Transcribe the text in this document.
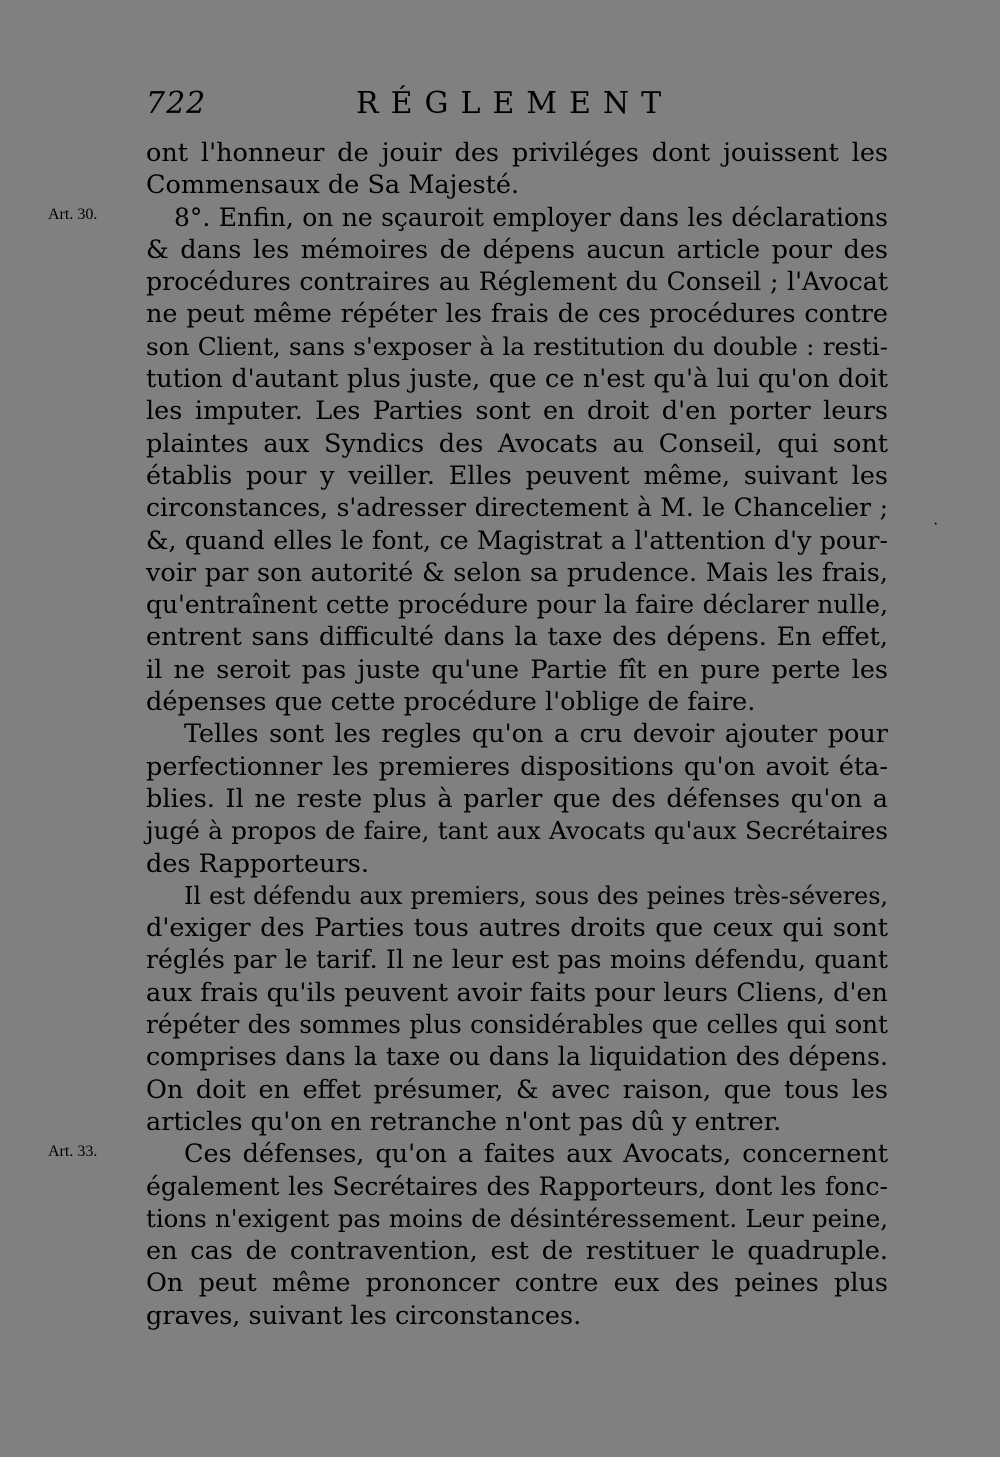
722	RÉGLEMENT
Art. 30.
Art. 33.
·
ont l'honneur de jouir des priviléges dont jouissent les
Commensaux de Sa Majesté.
8°. Enfin, on ne sçauroit employer dans les déclarations
& dans les mémoires de dépens aucun article pour des
procédures contraires au Réglement du Conseil ; l'Avocat
ne peut même répéter les frais de ces procédures contre
son Client, sans s'exposer à la restitution du double : resti-
tution d'autant plus juste, que ce n'est qu'à lui qu'on doit
les imputer. Les Parties sont en droit d'en porter leurs
plaintes aux Syndics des Avocats au Conseil, qui sont
établis pour y veiller. Elles peuvent même, suivant les
circonstances, s'adresser directement à M. le Chancelier ;
&, quand elles le font, ce Magistrat a l'attention d'y pour-
voir par son autorité & selon sa prudence. Mais les frais,
qu'entraînent cette procédure pour la faire déclarer nulle,
entrent sans difficulté dans la taxe des dépens. En effet,
il ne seroit pas juste qu'une Partie fît en pure perte les
dépenses que cette procédure l'oblige de faire.
Telles sont les regles qu'on a cru devoir ajouter pour
perfectionner les premieres dispositions qu'on avoit éta-
blies. Il ne reste plus à parler que des défenses qu'on a
jugé à propos de faire, tant aux Avocats qu'aux Secrétaires
des Rapporteurs.
Il est défendu aux premiers, sous des peines très-séveres,
d'exiger des Parties tous autres droits que ceux qui sont
réglés par le tarif. Il ne leur est pas moins défendu, quant
aux frais qu'ils peuvent avoir faits pour leurs Cliens, d'en
répéter des sommes plus considérables que celles qui sont
comprises dans la taxe ou dans la liquidation des dépens.
On doit en effet présumer, & avec raison, que tous les
articles qu'on en retranche n'ont pas dû y entrer.
Ces défenses, qu'on a faites aux Avocats, concernent
également les Secrétaires des Rapporteurs, dont les fonc-
tions n'exigent pas moins de désintéressement. Leur peine,
en cas de contravention, est de restituer le quadruple.
On peut même prononcer contre eux des peines plus
graves, suivant les circonstances.
